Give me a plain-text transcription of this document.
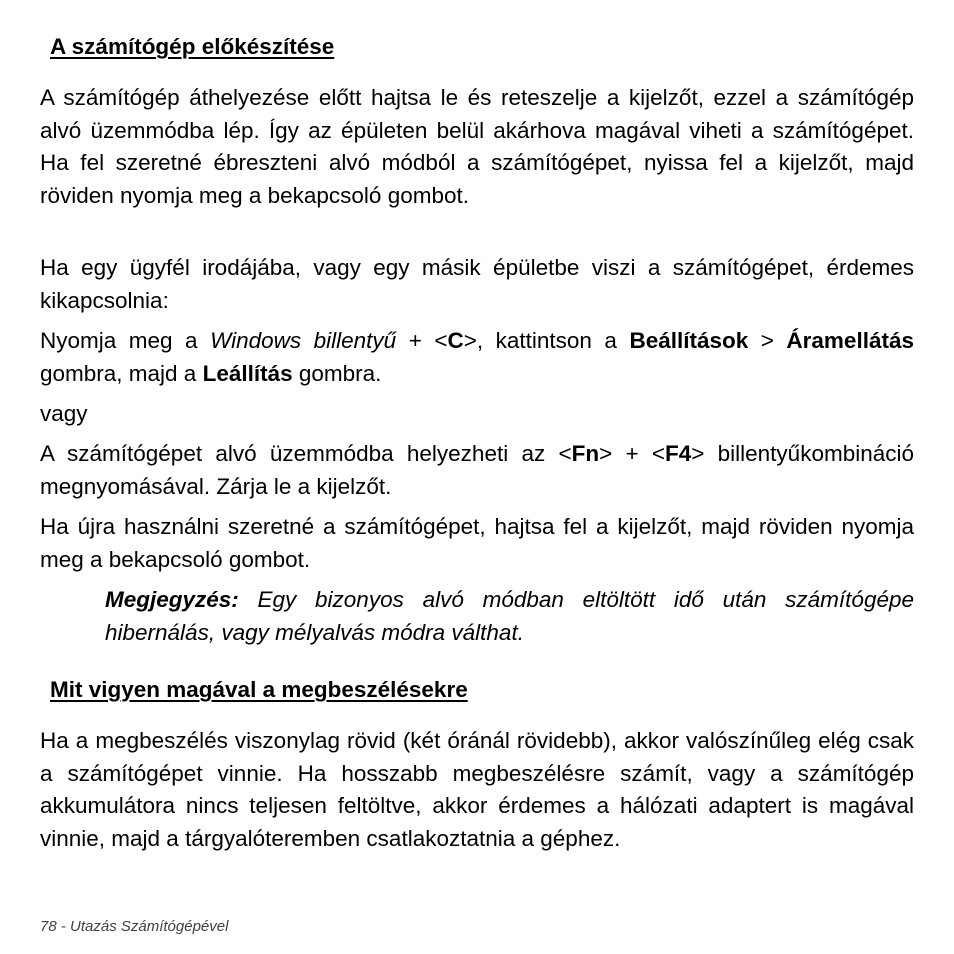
A számítógép előkészítése

A számítógép áthelyezése előtt hajtsa le és reteszelje a kijelzőt, ezzel a számítógép alvó üzemmódba lép. Így az épületen belül akárhova magával viheti a számítógépet. Ha fel szeretné ébreszteni alvó módból a számítógépet, nyissa fel a kijelzőt, majd röviden nyomja meg a bekapcsoló gombot.

Ha egy ügyfél irodájába, vagy egy másik épületbe viszi a számítógépet, érdemes kikapcsolnia:

Nyomja meg a Windows billentyű + <C>, kattintson a Beállítások > Áramellátás gombra, majd a Leállítás gombra.

vagy

A számítógépet alvó üzemmódba helyezheti az <Fn> + <F4> billentyűkombináció megnyomásával. Zárja le a kijelzőt.

Ha újra használni szeretné a számítógépet, hajtsa fel a kijelzőt, majd röviden nyomja meg a bekapcsoló gombot.

Megjegyzés: Egy bizonyos alvó módban eltöltött idő után számítógépe hibernálás, vagy mélyalvás módra válthat.

Mit vigyen magával a megbeszélésekre

Ha a megbeszélés viszonylag rövid (két óránál rövidebb), akkor valószínűleg elég csak a számítógépet vinnie. Ha hosszabb megbeszélésre számít, vagy a számítógép akkumulátora nincs teljesen feltöltve, akkor érdemes a hálózati adaptert is magával vinnie, majd a tárgyalóteremben csatlakoztatnia a géphez.

78 - Utazás Számítógépével
